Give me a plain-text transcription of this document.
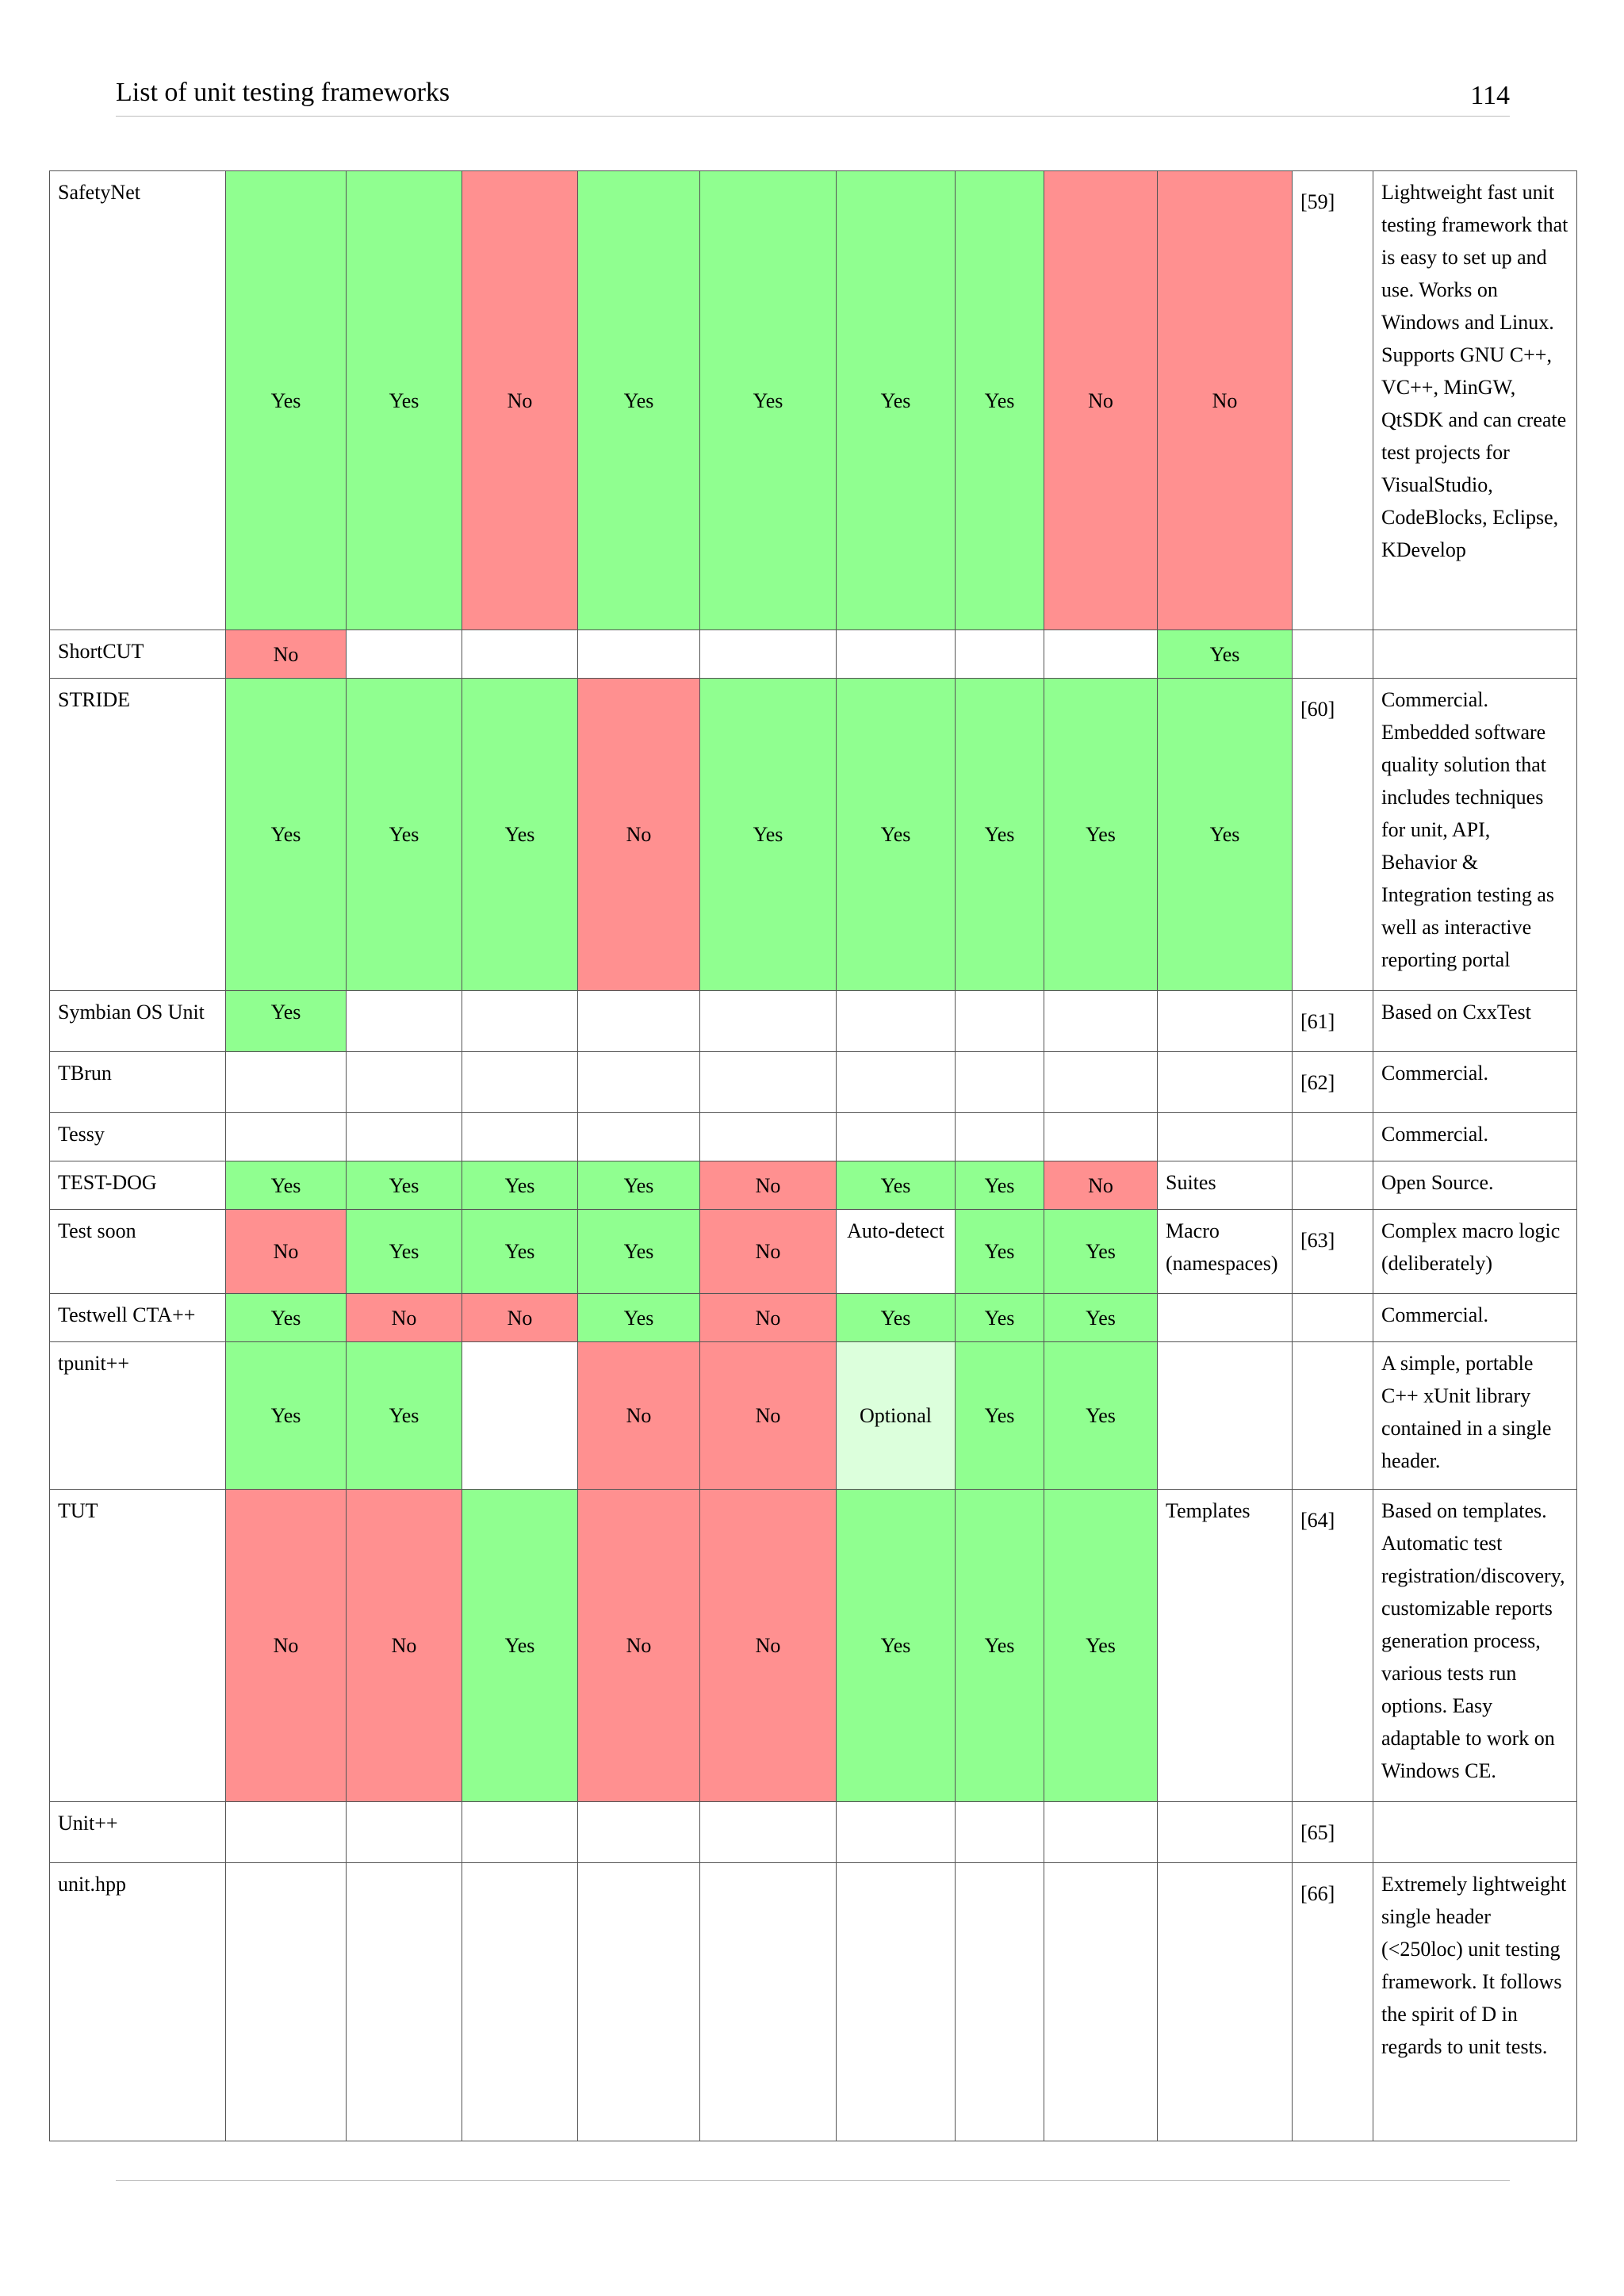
List of unit testing frameworks	114
SafetyNet	Yes	Yes	No	Yes	Yes	Yes	Yes	No	No	[59]	Lightweight fast unit testing framework that is easy to set up and use. Works on Windows and Linux. Supports GNU C++, VC++, MinGW, QtSDK and can create test projects for VisualStudio, CodeBlocks, Eclipse, KDevelop
ShortCUT	No								Yes		
STRIDE	Yes	Yes	Yes	No	Yes	Yes	Yes	Yes	Yes	[60]	Commercial. Embedded software quality solution that includes techniques for unit, API, Behavior & Integration testing as well as interactive reporting portal
Symbian OS Unit	Yes									[61]	Based on CxxTest
TBrun										[62]	Commercial.
Tessy											Commercial.
TEST-DOG	Yes	Yes	Yes	Yes	No	Yes	Yes	No	Suites		Open Source.
Test soon	No	Yes	Yes	Yes	No	Auto-detect	Yes	Yes	Macro (namespaces)	[63]	Complex macro logic (deliberately)
Testwell CTA++	Yes	No	No	Yes	No	Yes	Yes	Yes			Commercial.
tpunit++	Yes	Yes		No	No	Optional	Yes	Yes			A simple, portable C++ xUnit library contained in a single header.
TUT	No	No	Yes	No	No	Yes	Yes	Yes	Templates	[64]	Based on templates. Automatic test registration/discovery, customizable reports generation process, various tests run options. Easy adaptable to work on Windows CE.
Unit++										[65]	
unit.hpp										[66]	Extremely lightweight single header (<250loc) unit testing framework. It follows the spirit of D in regards to unit tests.
